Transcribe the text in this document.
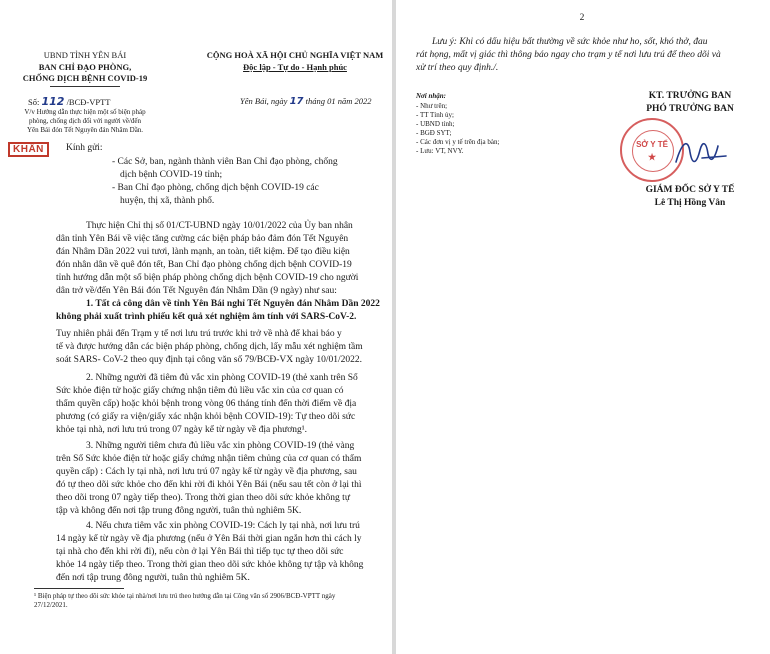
UBND TỈNH YÊN BÁI
BAN CHỈ ĐẠO PHÒNG,
CHỐNG DỊCH BỆNH COVID-19
Số: 112 /BCĐ-VPTT
V/v Hướng dẫn thực hiện một số biện pháp
phòng, chống dịch đối với người về/đến
Yên Bái đón Tết Nguyên đán Nhâm Dần.
CỘNG HOÀ XÃ HỘI CHỦ NGHĨA VIỆT NAM
Độc lập - Tự do - Hạnh phúc
Yên Bái, ngày 17 tháng 01 năm 2022
KHẨN	Kính gửi:
- Các Sở, ban, ngành thành viên Ban Chỉ đạo phòng, chống
dịch bệnh COVID-19 tỉnh;
- Ban Chỉ đạo phòng, chống dịch bệnh COVID-19 các
huyện, thị xã, thành phố.
Thực hiện Chỉ thị số 01/CT-UBND ngày 10/01/2022 của Ủy ban nhân
dân tỉnh Yên Bái về việc tăng cường các biện pháp bảo đảm đón Tết Nguyên
đán Nhâm Dần 2022 vui tươi, lành mạnh, an toàn, tiết kiệm. Để tạo điều kiện
đón nhân dân về quê đón tết, Ban Chỉ đạo phòng chống dịch bệnh COVID-19
tỉnh hướng dẫn một số biện pháp phòng chống dịch bệnh COVID-19 cho người
dân trở về/đến Yên Bái đón Tết Nguyên đán Nhâm Dần (9 ngày) như sau:
1. Tất cả công dân về tỉnh Yên Bái nghỉ Tết Nguyên đán Nhâm Dần 2022
không phải xuất trình phiếu kết quả xét nghiệm âm tính với SARS-CoV-2.
Tuy nhiên phải đến Trạm y tế nơi lưu trú trước khi trở về nhà để khai báo y
tế và được hướng dẫn các biện pháp phòng, chống dịch, lấy mẫu xét nghiệm tầm
soát SARS- CoV-2 theo quy định tại công văn số 79/BCĐ-VX ngày 10/01/2022.
2. Những người đã tiêm đủ vắc xin phòng COVID-19 (thẻ xanh trên Sổ
Sức khỏe điện tử hoặc giấy chứng nhận tiêm đủ liều vắc xin của cơ quan có
thẩm quyền cấp) hoặc khỏi bệnh trong vòng 06 tháng tính đến thời điểm về địa
phương (có giấy ra viện/giấy xác nhận khỏi bệnh COVID-19): Tự theo dõi sức
khỏe tại nhà, nơi lưu trú trong 07 ngày kể từ ngày về địa phương¹.
3. Những người tiêm chưa đủ liều vắc xin phòng COVID-19 (thẻ vàng
trên Sổ Sức khỏe điện tử hoặc giấy chứng nhận tiêm chủng của cơ quan có thẩm
quyền cấp) : Cách ly tại nhà, nơi lưu trú 07 ngày kể từ ngày về địa phương, sau
đó tự theo dõi sức khỏe cho đến khi rời đi khỏi Yên Bái (nếu sau tết còn ở lại thì
theo dõi trong 07 ngày tiếp theo). Trong thời gian theo dõi sức khỏe không tự
tập và không đến nơi tập trung đông người, tuân thủ nghiêm 5K.
4. Nếu chưa tiêm vắc xin phòng COVID-19: Cách ly tại nhà, nơi lưu trú
14 ngày kể từ ngày về địa phương (nếu ở Yên Bái thời gian ngắn hơn thì cách ly
tại nhà cho đến khi rời đi), nếu còn ở lại Yên Bái thì tiếp tục tự theo dõi sức
khỏe 14 ngày tiếp theo. Trong thời gian theo dõi sức khỏe không tự tập và không
đến nơi tập trung đông người, tuân thủ nghiêm 5K.
¹ Biện pháp tự theo dõi sức khỏe tại nhà/nơi lưu trú theo hướng dẫn tại Công văn số 2906/BCĐ-VPTT ngày
27/12/2021.
2
Lưu ý: Khi có dấu hiệu bất thường về sức khỏe như ho, sốt, khó thở, đau
rát họng, mất vị giác thì thông báo ngay cho trạm y tế nơi lưu trú để theo dõi và
xử trí theo quy định./.
Nơi nhận:
- Như trên;
- TT Tỉnh ủy;
- UBND tỉnh;
- BGĐ SYT;
- Các đơn vị y tế trên địa bàn;
- Lưu: VT, NVY.
KT. TRƯỞNG BAN
PHÓ TRƯỞNG BAN
SỞ Y TẾ
★
GIÁM ĐỐC SỞ Y TẾ
Lê Thị Hồng Vân
